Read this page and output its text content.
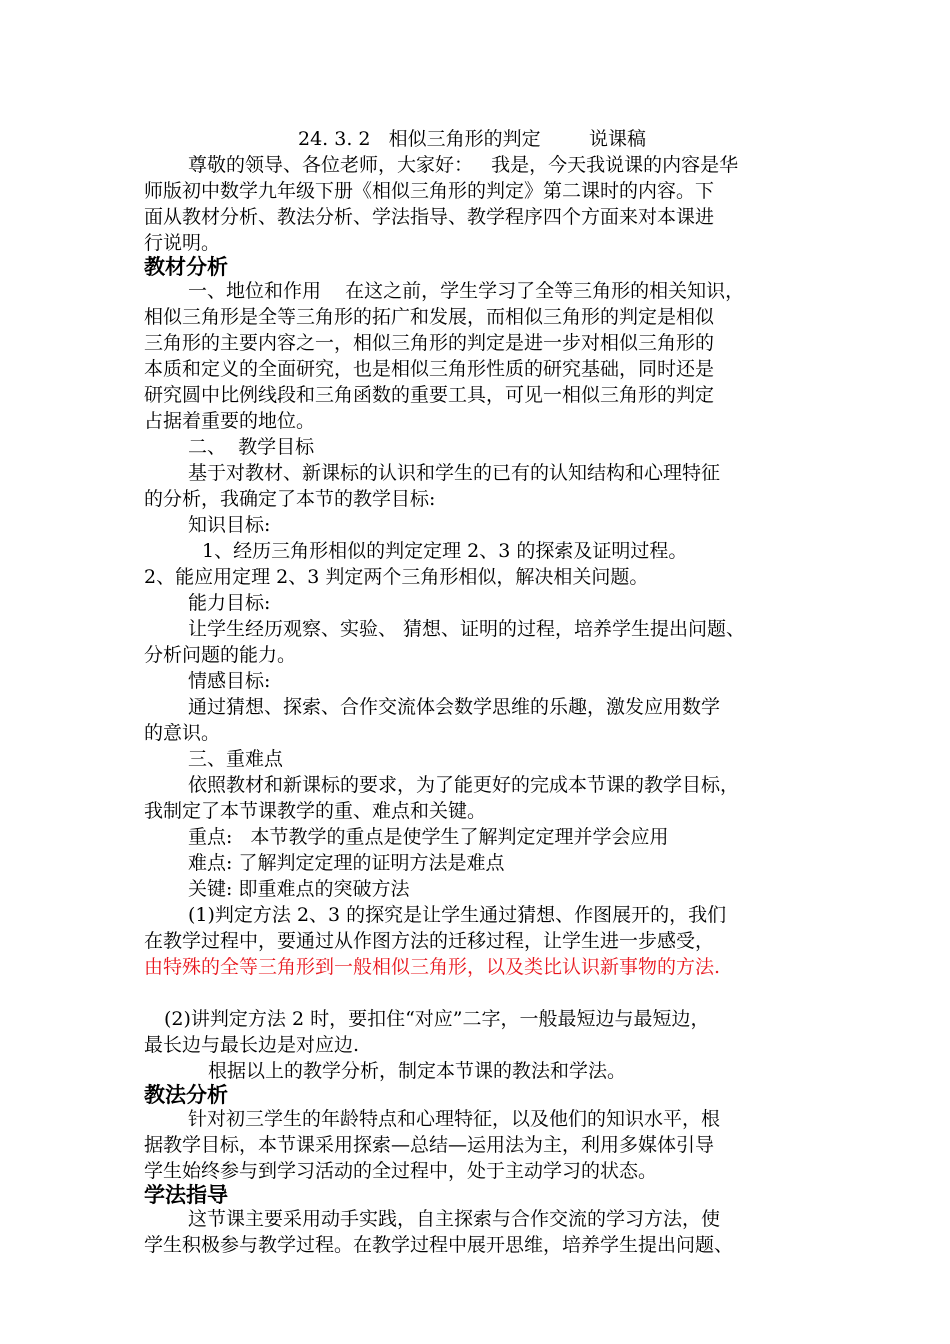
24. 3. 2   相似三角形的判定        说课稿
尊敬的领导、各位老师，大家好：   我是，今天我说课的内容是华
师版初中数学九年级下册《相似三角形的判定》第二课时的内容。下
面从教材分析、教法分析、学法指导、教学程序四个方面来对本课进
行说明。
教材分析
一、地位和作用    在这之前，学生学习了全等三角形的相关知识，
相似三角形是全等三角形的拓广和发展，而相似三角形的判定是相似
三角形的主要内容之一，相似三角形的判定是进一步对相似三角形的
本质和定义的全面研究，也是相似三角形性质的研究基础，同时还是
研究圆中比例线段和三角函数的重要工具，可见一相似三角形的判定
占据着重要的地位。
二、  教学目标
基于对教材、新课标的认识和学生的已有的认知结构和心理特征
的分析，我确定了本节的教学目标:
知识目标:
1、经历三角形相似的判定定理 2、3 的探索及证明过程。
2、能应用定理 2、3 判定两个三角形相似，解决相关问题。
能力目标:
让学生经历观察、实验、 猜想、证明的过程，培养学生提出问题、
分析问题的能力。
情感目标:
通过猜想、探索、合作交流体会数学思维的乐趣，激发应用数学
的意识。
三、重难点
依照教材和新课标的要求，为了能更好的完成本节课的教学目标，
我制定了本节课教学的重、难点和关键。
重点:   本节教学的重点是使学生了解判定定理并学会应用
难点: 了解判定定理的证明方法是难点
关键: 即重难点的突破方法
(1)判定方法 2、3 的探究是让学生通过猜想、作图展开的，我们
在教学过程中，要通过从作图方法的迁移过程，让学生进一步感受，
由特殊的全等三角形到一般相似三角形，以及类比认识新事物的方法.
(2)讲判定方法 2 时，要扣住“对应”二字，一般最短边与最短边，
最长边与最长边是对应边.
根据以上的教学分析，制定本节课的教法和学法。
教法分析
针对初三学生的年龄特点和心理特征，以及他们的知识水平，根
据教学目标，本节课采用探索—总结—运用法为主，利用多媒体引导
学生始终参与到学习活动的全过程中，处于主动学习的状态。
学法指导
这节课主要采用动手实践，自主探索与合作交流的学习方法，使
学生积极参与教学过程。在教学过程中展开思维，培养学生提出问题、
